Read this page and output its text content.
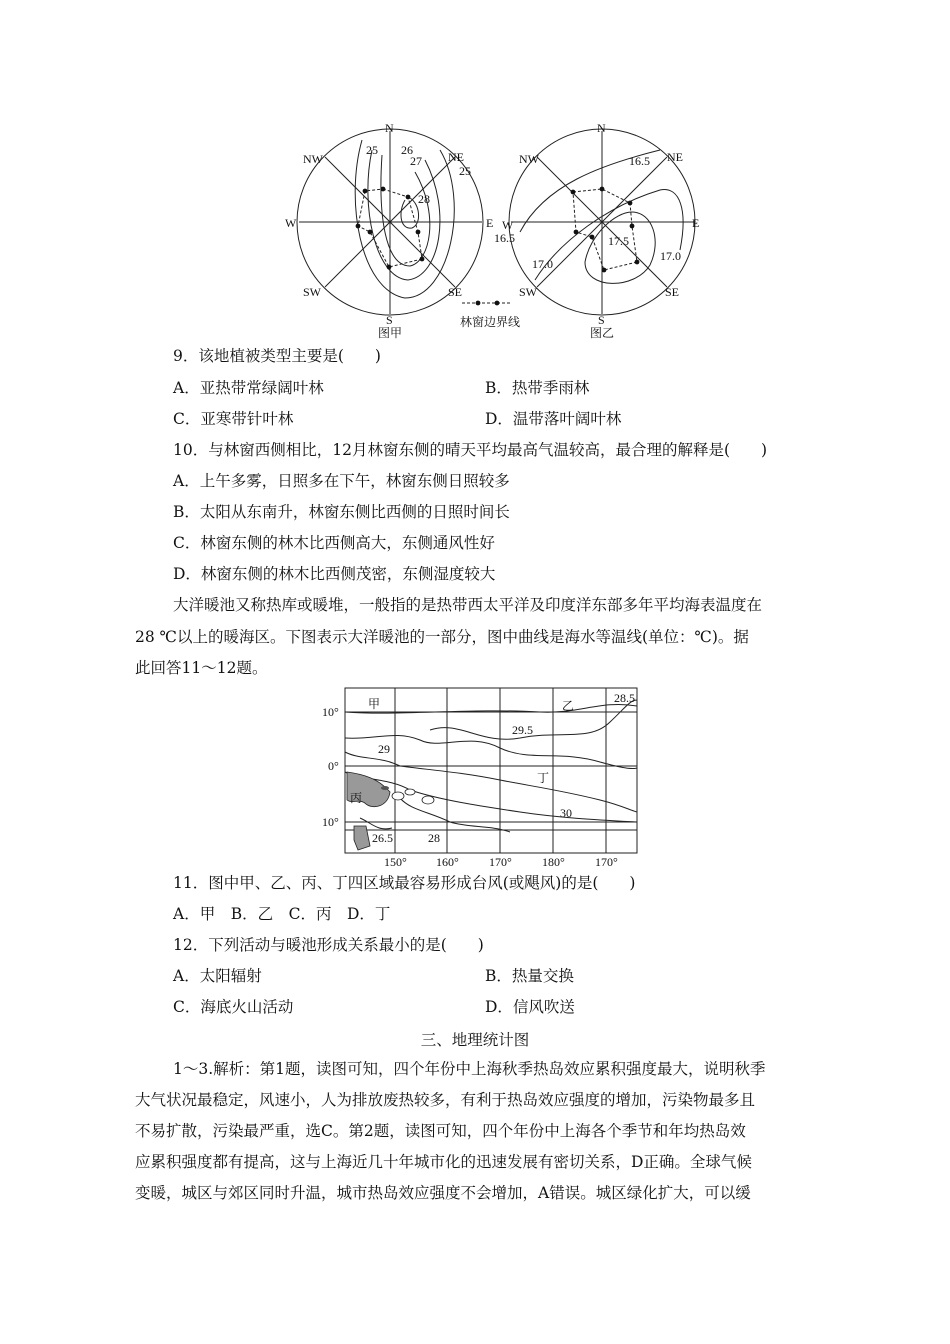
N
NE
E
SE
S
SW
W
NW
25 26
27
28
25
图甲
N
NE
E
SE
S
SW
W
NW	16.5
16.5	17.5
17.0
17.0
图乙
林窗边界线
9．该地植被类型主要是(　　)
A．亚热带常绿阔叶林	B．热带季雨林
C．亚寒带针叶林	D．温带落叶阔叶林
10．与林窗西侧相比，12月林窗东侧的晴天平均最高气温较高，最合理的解释是(　　)
A．上午多雾，日照多在下午，林窗东侧日照较多
B．太阳从东南升，林窗东侧比西侧的日照时间长
C．林窗东侧的林木比西侧高大，东侧通风性好
D．林窗东侧的林木比西侧茂密，东侧湿度较大
大洋暖池又称热库或暖堆，一般指的是热带西太平洋及印度洋东部多年平均海表温度在
28 ℃以上的暖海区。下图表示大洋暖池的一部分，图中曲线是海水等温线(单位：℃)。据
此回答11～12题。
10°
0°
10°
150° 160°	170°	180°	170°
甲	乙
丙
丁
28.5
29.5
29
30
26.5	28
11．图中甲、乙、丙、丁四区域最容易形成台风(或飓风)的是(　　)
A．甲　B．乙　C．丙　D．丁
12．下列活动与暖池形成关系最小的是(　　)
A．太阳辐射	B．热量交换
C．海底火山活动	D．信风吹送
三、地理统计图
1～3.解析：第1题，读图可知，四个年份中上海秋季热岛效应累积强度最大，说明秋季
大气状况最稳定，风速小，人为排放废热较多，有利于热岛效应强度的增加，污染物最多且
不易扩散，污染最严重，选C。第2题，读图可知，四个年份中上海各个季节和年均热岛效
应累积强度都有提高，这与上海近几十年城市化的迅速发展有密切关系，D正确。全球气候
变暖，城区与郊区同时升温，城市热岛效应强度不会增加，A错误。城区绿化扩大，可以缓
